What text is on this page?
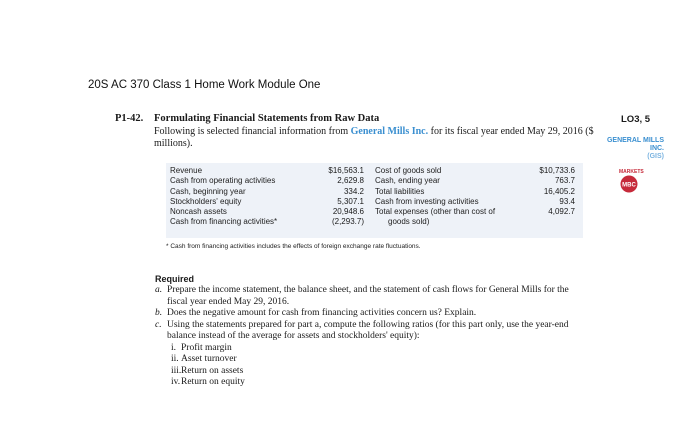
20S AC 370 Class 1 Home Work Module One
P1-42. Formulating Financial Statements from Raw Data
Following is selected financial information from General Mills Inc. for its fiscal year ended May 29, 2016 ($ millions).
LO3, 5
GENERAL MILLS INC.
(GIS)
MARKETS
MBC
Revenue
Cash from operating activities
Cash, beginning year
Stockholders' equity
Noncash assets
Cash from financing activities*
$16,563.1
2,629.8
334.2
5,307.1
20,948.6
(2,293.7)
Cost of goods sold
Cash, ending year
Total liabilities
Cash from investing activities
Total expenses (other than cost of
goods sold)
$10,733.6
763.7
16,405.2
93.4
4,092.7
* Cash from financing activities includes the effects of foreign exchange rate fluctuations.
Required
a. Prepare the income statement, the balance sheet, and the statement of cash flows for General Mills for the fiscal year ended May 29, 2016.
b. Does the negative amount for cash from financing activities concern us? Explain.
c. Using the statements prepared for part a, compute the following ratios (for this part only, use the year-end balance instead of the average for assets and stockholders' equity):
i. Profit margin
ii. Asset turnover
iii. Return on assets
iv. Return on equity
